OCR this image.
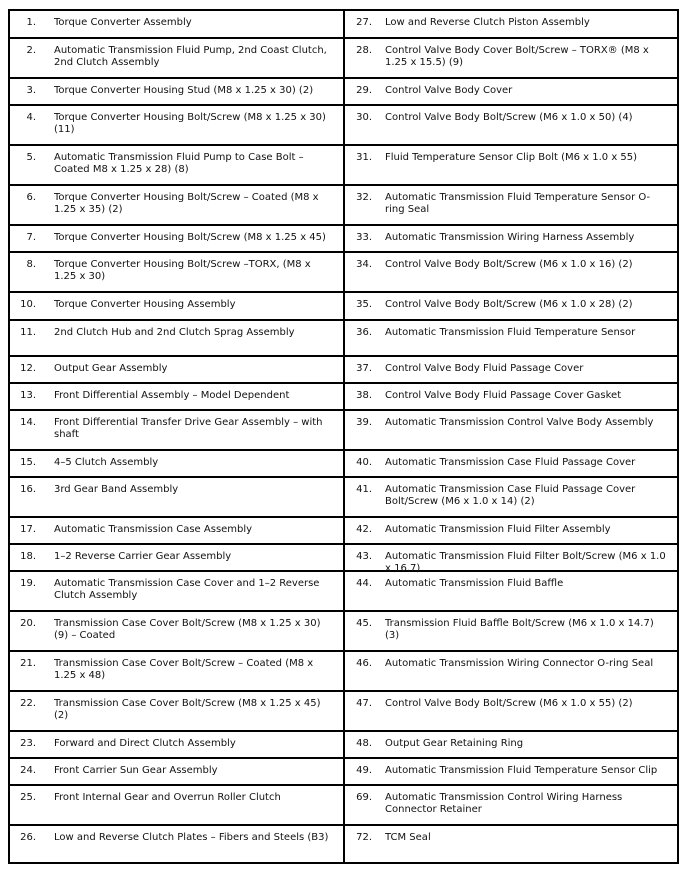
1.	Torque Converter Assembly
2.	Automatic Transmission Fluid Pump, 2nd Coast Clutch, 2nd Clutch Assembly
3.	Torque Converter Housing Stud (M8 x 1.25 x 30) (2)
4.	Torque Converter Housing Bolt/Screw (M8 x 1.25 x 30) (11)
5.	Automatic Transmission Fluid Pump to Case Bolt – Coated M8 x 1.25 x 28) (8)
6.	Torque Converter Housing Bolt/Screw – Coated (M8 x 1.25 x 35) (2)
7.	Torque Converter Housing Bolt/Screw (M8 x 1.25 x 45)
8.	Torque Converter Housing Bolt/Screw –TORX, (M8 x 1.25 x 30)
10.	Torque Converter Housing Assembly
11.	2nd Clutch Hub and 2nd Clutch Sprag Assembly
12.	Output Gear Assembly
13.	Front Differential Assembly – Model Dependent
14.	Front Differential Transfer Drive Gear Assembly – with shaft
15.	4–5 Clutch Assembly
16.	3rd Gear Band Assembly
17.	Automatic Transmission Case Assembly
18.	1–2 Reverse Carrier Gear Assembly
19.	Automatic Transmission Case Cover and 1–2 Reverse Clutch Assembly
20.	Transmission Case Cover Bolt/Screw (M8 x 1.25 x 30) (9) – Coated
21.	Transmission Case Cover Bolt/Screw – Coated (M8 x 1.25 x 48)
22.	Transmission Case Cover Bolt/Screw (M8 x 1.25 x 45) (2)
23.	Forward and Direct Clutch Assembly
24.	Front Carrier Sun Gear Assembly
25.	Front Internal Gear and Overrun Roller Clutch
26.	Low and Reverse Clutch Plates – Fibers and Steels (B3)
27.	Low and Reverse Clutch Piston Assembly
28.	Control Valve Body Cover Bolt/Screw – TORX® (M8 x 1.25 x 15.5) (9)
29.	Control Valve Body Cover
30.	Control Valve Body Bolt/Screw (M6 x 1.0 x 50) (4)
31.	Fluid Temperature Sensor Clip Bolt (M6 x 1.0 x 55)
32.	Automatic Transmission Fluid Temperature Sensor O-ring Seal
33.	Automatic Transmission Wiring Harness Assembly
34.	Control Valve Body Bolt/Screw (M6 x 1.0 x 16) (2)
35.	Control Valve Body Bolt/Screw (M6 x 1.0 x 28) (2)
36.	Automatic Transmission Fluid Temperature Sensor
37.	Control Valve Body Fluid Passage Cover
38.	Control Valve Body Fluid Passage Cover Gasket
39.	Automatic Transmission Control Valve Body Assembly
40.	Automatic Transmission Case Fluid Passage Cover
41.	Automatic Transmission Case Fluid Passage Cover Bolt/Screw (M6 x 1.0 x 14) (2)
42.	Automatic Transmission Fluid Filter Assembly
43.	Automatic Transmission Fluid Filter Bolt/Screw (M6 x 1.0 x 16.7)
44.	Automatic Transmission Fluid Baffle
45.	Transmission Fluid Baffle Bolt/Screw (M6 x 1.0 x 14.7) (3)
46.	Automatic Transmission Wiring Connector O-ring Seal
47.	Control Valve Body Bolt/Screw (M6 x 1.0 x 55) (2)
48.	Output Gear Retaining Ring
49.	Automatic Transmission Fluid Temperature Sensor Clip
69.	Automatic Transmission Control Wiring Harness Connector Retainer
72.	TCM Seal
